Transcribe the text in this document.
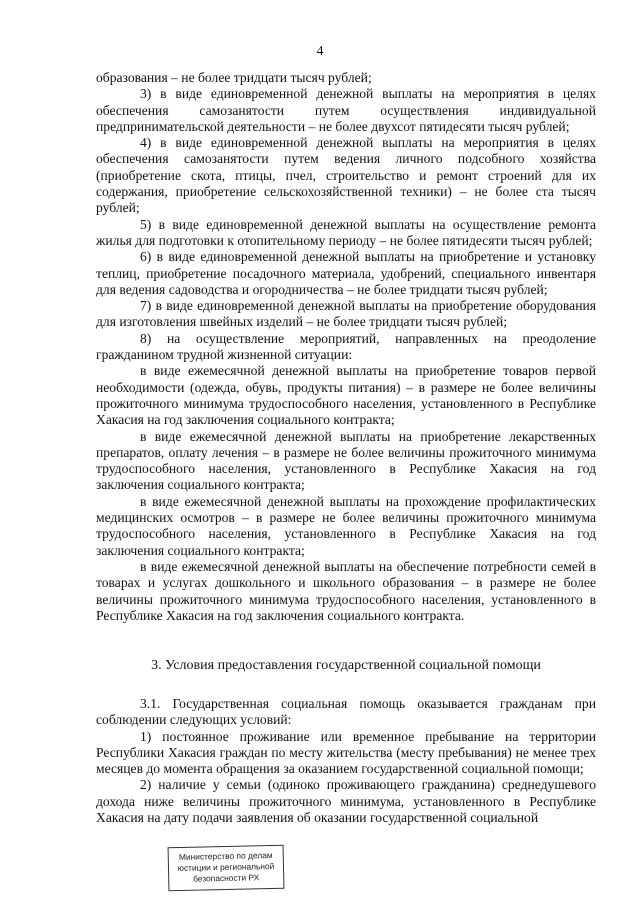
4

образования – не более тридцати тысяч рублей;

3) в виде единовременной денежной выплаты на мероприятия в целях обеспечения самозанятости путем осуществления индивидуальной предпринимательской деятельности – не более двухсот пятидесяти тысяч рублей;

4) в виде единовременной денежной выплаты на мероприятия в целях обеспечения самозанятости путем ведения личного подсобного хозяйства (приобретение скота, птицы, пчел, строительство и ремонт строений для их содержания, приобретение сельскохозяйственной техники) – не более ста тысяч рублей;

5) в виде единовременной денежной выплаты на осуществление ремонта жилья для подготовки к отопительному периоду – не более пятидесяти тысяч рублей;

6) в виде единовременной денежной выплаты на приобретение и установку теплиц, приобретение посадочного материала, удобрений, специального инвентаря для ведения садоводства и огородничества – не более тридцати тысяч рублей;

7) в виде единовременной денежной выплаты на приобретение оборудования для изготовления швейных изделий – не более тридцати тысяч рублей;

8) на осуществление мероприятий, направленных на преодоление гражданином трудной жизненной ситуации:

в виде ежемесячной денежной выплаты на приобретение товаров первой необходимости (одежда, обувь, продукты питания) – в размере не более величины прожиточного минимума трудоспособного населения, установленного в Республике Хакасия на год заключения социального контракта;

в виде ежемесячной денежной выплаты на приобретение лекарственных препаратов, оплату лечения – в размере не более величины прожиточного минимума трудоспособного населения, установленного в Республике Хакасия на год заключения социального контракта;

в виде ежемесячной денежной выплаты на прохождение профилактических медицинских осмотров – в размере не более величины прожиточного минимума трудоспособного населения, установленного в Республике Хакасия на год заключения социального контракта;

в виде ежемесячной денежной выплаты на обеспечение потребности семей в товарах и услугах дошкольного и школьного образования – в размере не более величины прожиточного минимума трудоспособного населения, установленного в Республике Хакасия на год заключения социального контракта.

3. Условия предоставления государственной социальной помощи

3.1. Государственная социальная помощь оказывается гражданам при соблюдении следующих условий:

1) постоянное проживание или временное пребывание на территории Республики Хакасия граждан по месту жительства (месту пребывания) не менее трех месяцев до момента обращения за оказанием государственной социальной помощи;

2) наличие у семьи (одиноко проживающего гражданина) среднедушевого дохода ниже величины прожиточного минимума, установленного в Республике Хакасия на дату подачи заявления об оказании государственной социальной

Министерство по делам
юстиции и региональной
безопасности РХ
